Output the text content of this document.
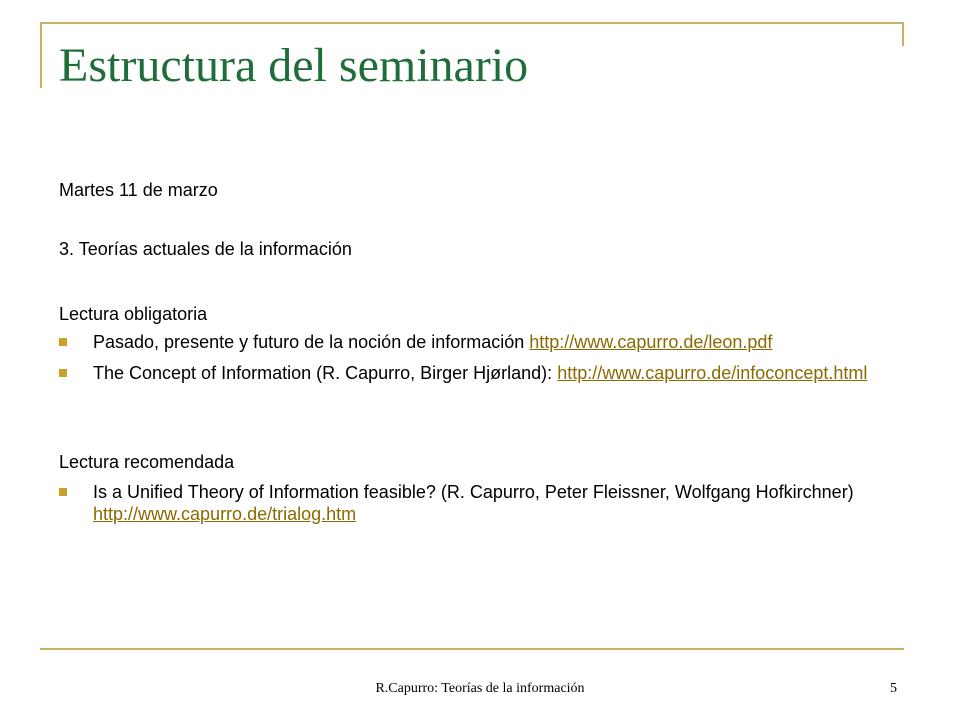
Estructura del seminario

Martes 11 de marzo

3. Teorías actuales de la información

Lectura obligatoria

Pasado, presente y futuro de la noción de información http://www.capurro.de/leon.pdf
The Concept of Information (R. Capurro, Birger Hjørland): http://www.capurro.de/infoconcept.html

Lectura recomendada

Is a Unified Theory of Information feasible? (R. Capurro, Peter Fleissner, Wolfgang Hofkirchner) http://www.capurro.de/trialog.htm
R.Capurro: Teorías de la información	5
